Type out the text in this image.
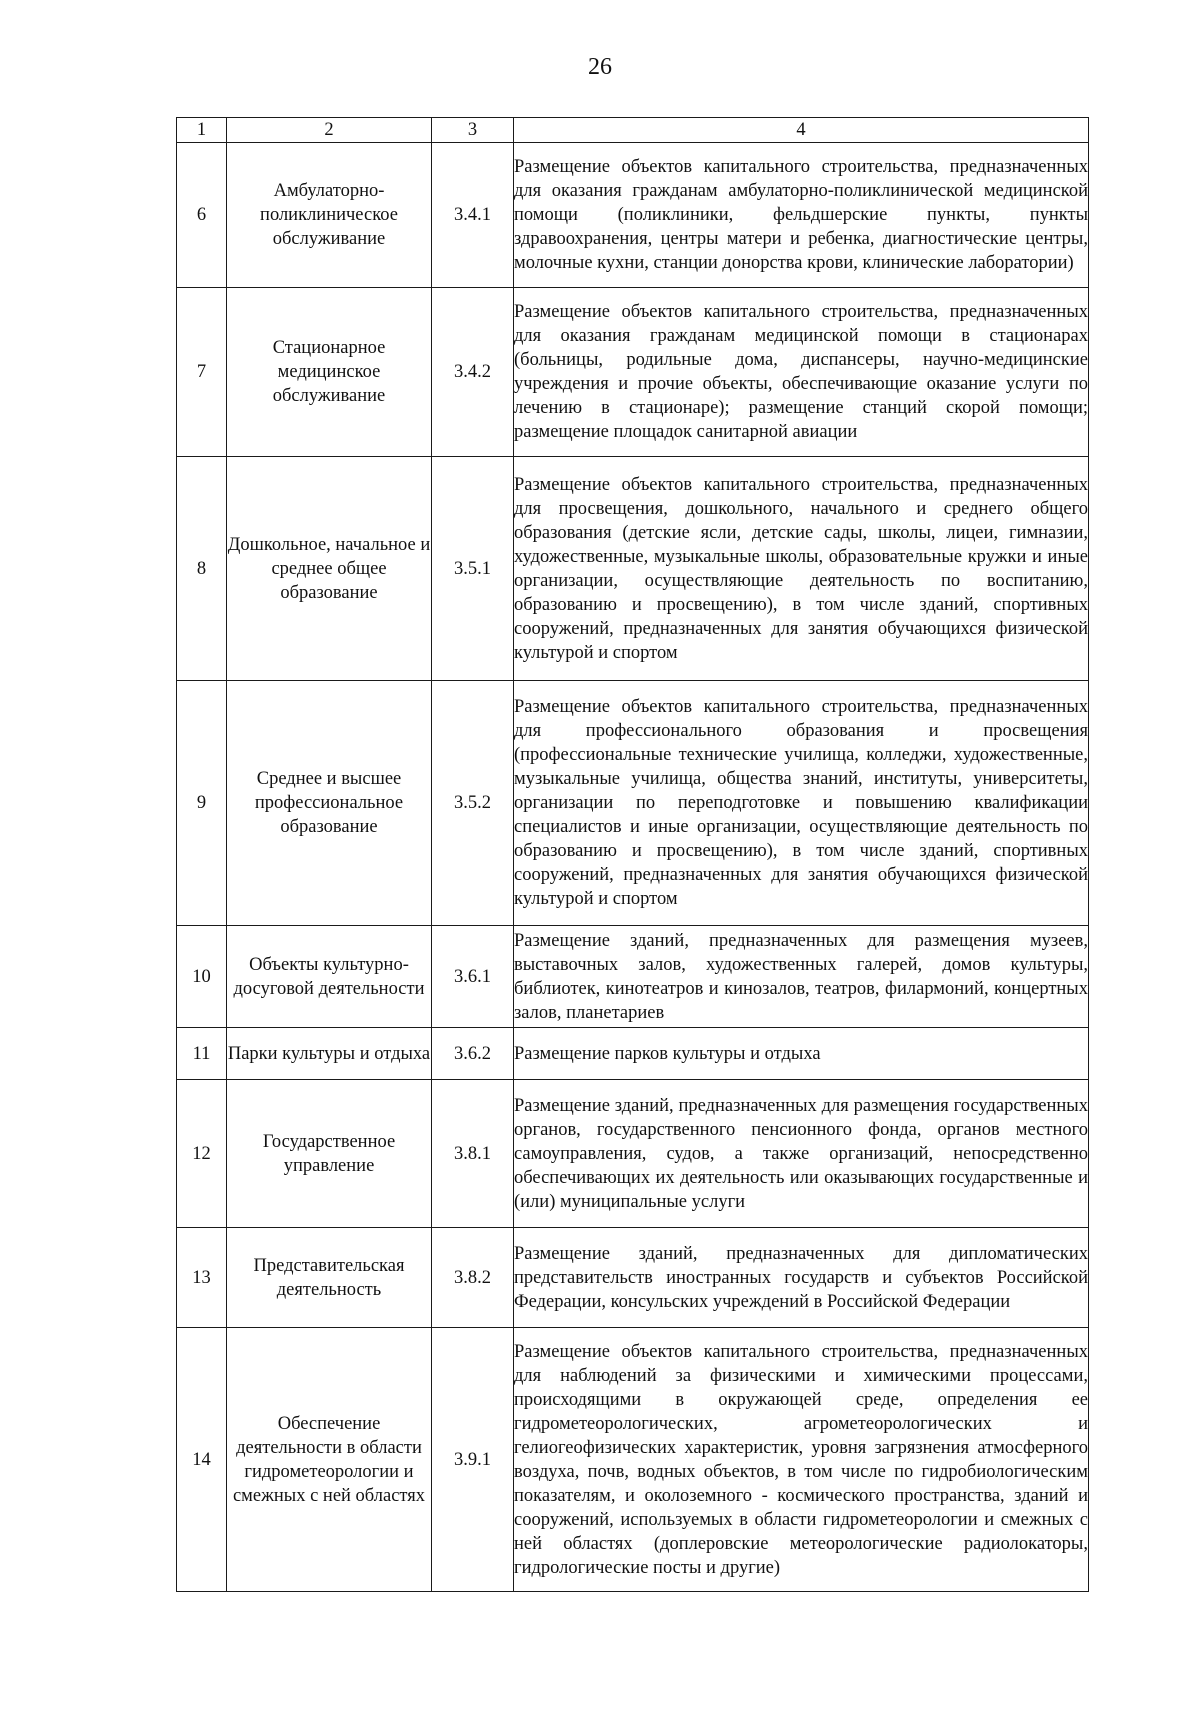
26
1	2	3	4
6	Амбулаторно-поликлиническое обслуживание	3.4.1	Размещение объектов капитального строительства, предназначенных для оказания гражданам амбулаторно-поликлинической медицинской помощи (поликлиники, фельдшерские пункты, пункты здравоохранения, центры матери и ребенка, диагностические центры, молочные кухни, станции донорства крови, клинические лаборатории)
7	Стационарное медицинское обслуживание	3.4.2	Размещение объектов капитального строительства, предназначенных для оказания гражданам медицинской помощи в стационарах (больницы, родильные дома, диспансеры, научно-медицинские учреждения и прочие объекты, обеспечивающие оказание услуги по лечению в стационаре); размещение станций скорой помощи; размещение площадок санитарной авиации
8	Дошкольное, начальное и среднее общее образование	3.5.1	Размещение объектов капитального строительства, предназначенных для просвещения, дошкольного, начального и среднего общего образования (детские ясли, детские сады, школы, лицеи, гимназии, художественные, музыкальные школы, образовательные кружки и иные организации, осуществляющие деятельность по воспитанию, образованию и просвещению), в том числе зданий, спортивных сооружений, предназначенных для занятия обучающихся физической культурой и спортом
9	Среднее и высшее профессиональное образование	3.5.2	Размещение объектов капитального строительства, предназначенных для профессионального образования и просвещения (профессиональные технические училища, колледжи, художественные, музыкальные училища, общества знаний, институты, университеты, организации по переподготовке и повышению квалификации специалистов и иные организации, осуществляющие деятельность по образованию и просвещению), в том числе зданий, спортивных сооружений, предназначенных для занятия обучающихся физической культурой и спортом
10	Объекты культурно-досуговой деятельности	3.6.1	Размещение зданий, предназначенных для размещения музеев, выставочных залов, художественных галерей, домов культуры, библиотек, кинотеатров и кинозалов, театров, филармоний, концертных залов, планетариев
11	Парки культуры и отдыха	3.6.2	Размещение парков культуры и отдыха
12	Государственное управление	3.8.1	Размещение зданий, предназначенных для размещения государственных органов, государственного пенсионного фонда, органов местного самоуправления, судов, а также организаций, непосредственно обеспечивающих их деятельность или оказывающих государственные и (или) муниципальные услуги
13	Представительская деятельность	3.8.2	Размещение зданий, предназначенных для дипломатических представительств иностранных государств и субъектов Российской Федерации, консульских учреждений в Российской Федерации
14	Обеспечение деятельности в области гидрометеорологии и смежных с ней областях	3.9.1	Размещение объектов капитального строительства, предназначенных для наблюдений за физическими и химическими процессами, происходящими в окружающей среде, определения ее гидрометеорологических, агрометеорологических и гелиогеофизических характеристик, уровня загрязнения атмосферного воздуха, почв, водных объектов, в том числе по гидробиологическим показателям, и околоземного - космического пространства, зданий и сооружений, используемых в области гидрометеорологии и смежных с ней областях (доплеровские метеорологические радиолокаторы, гидрологические посты и другие)
